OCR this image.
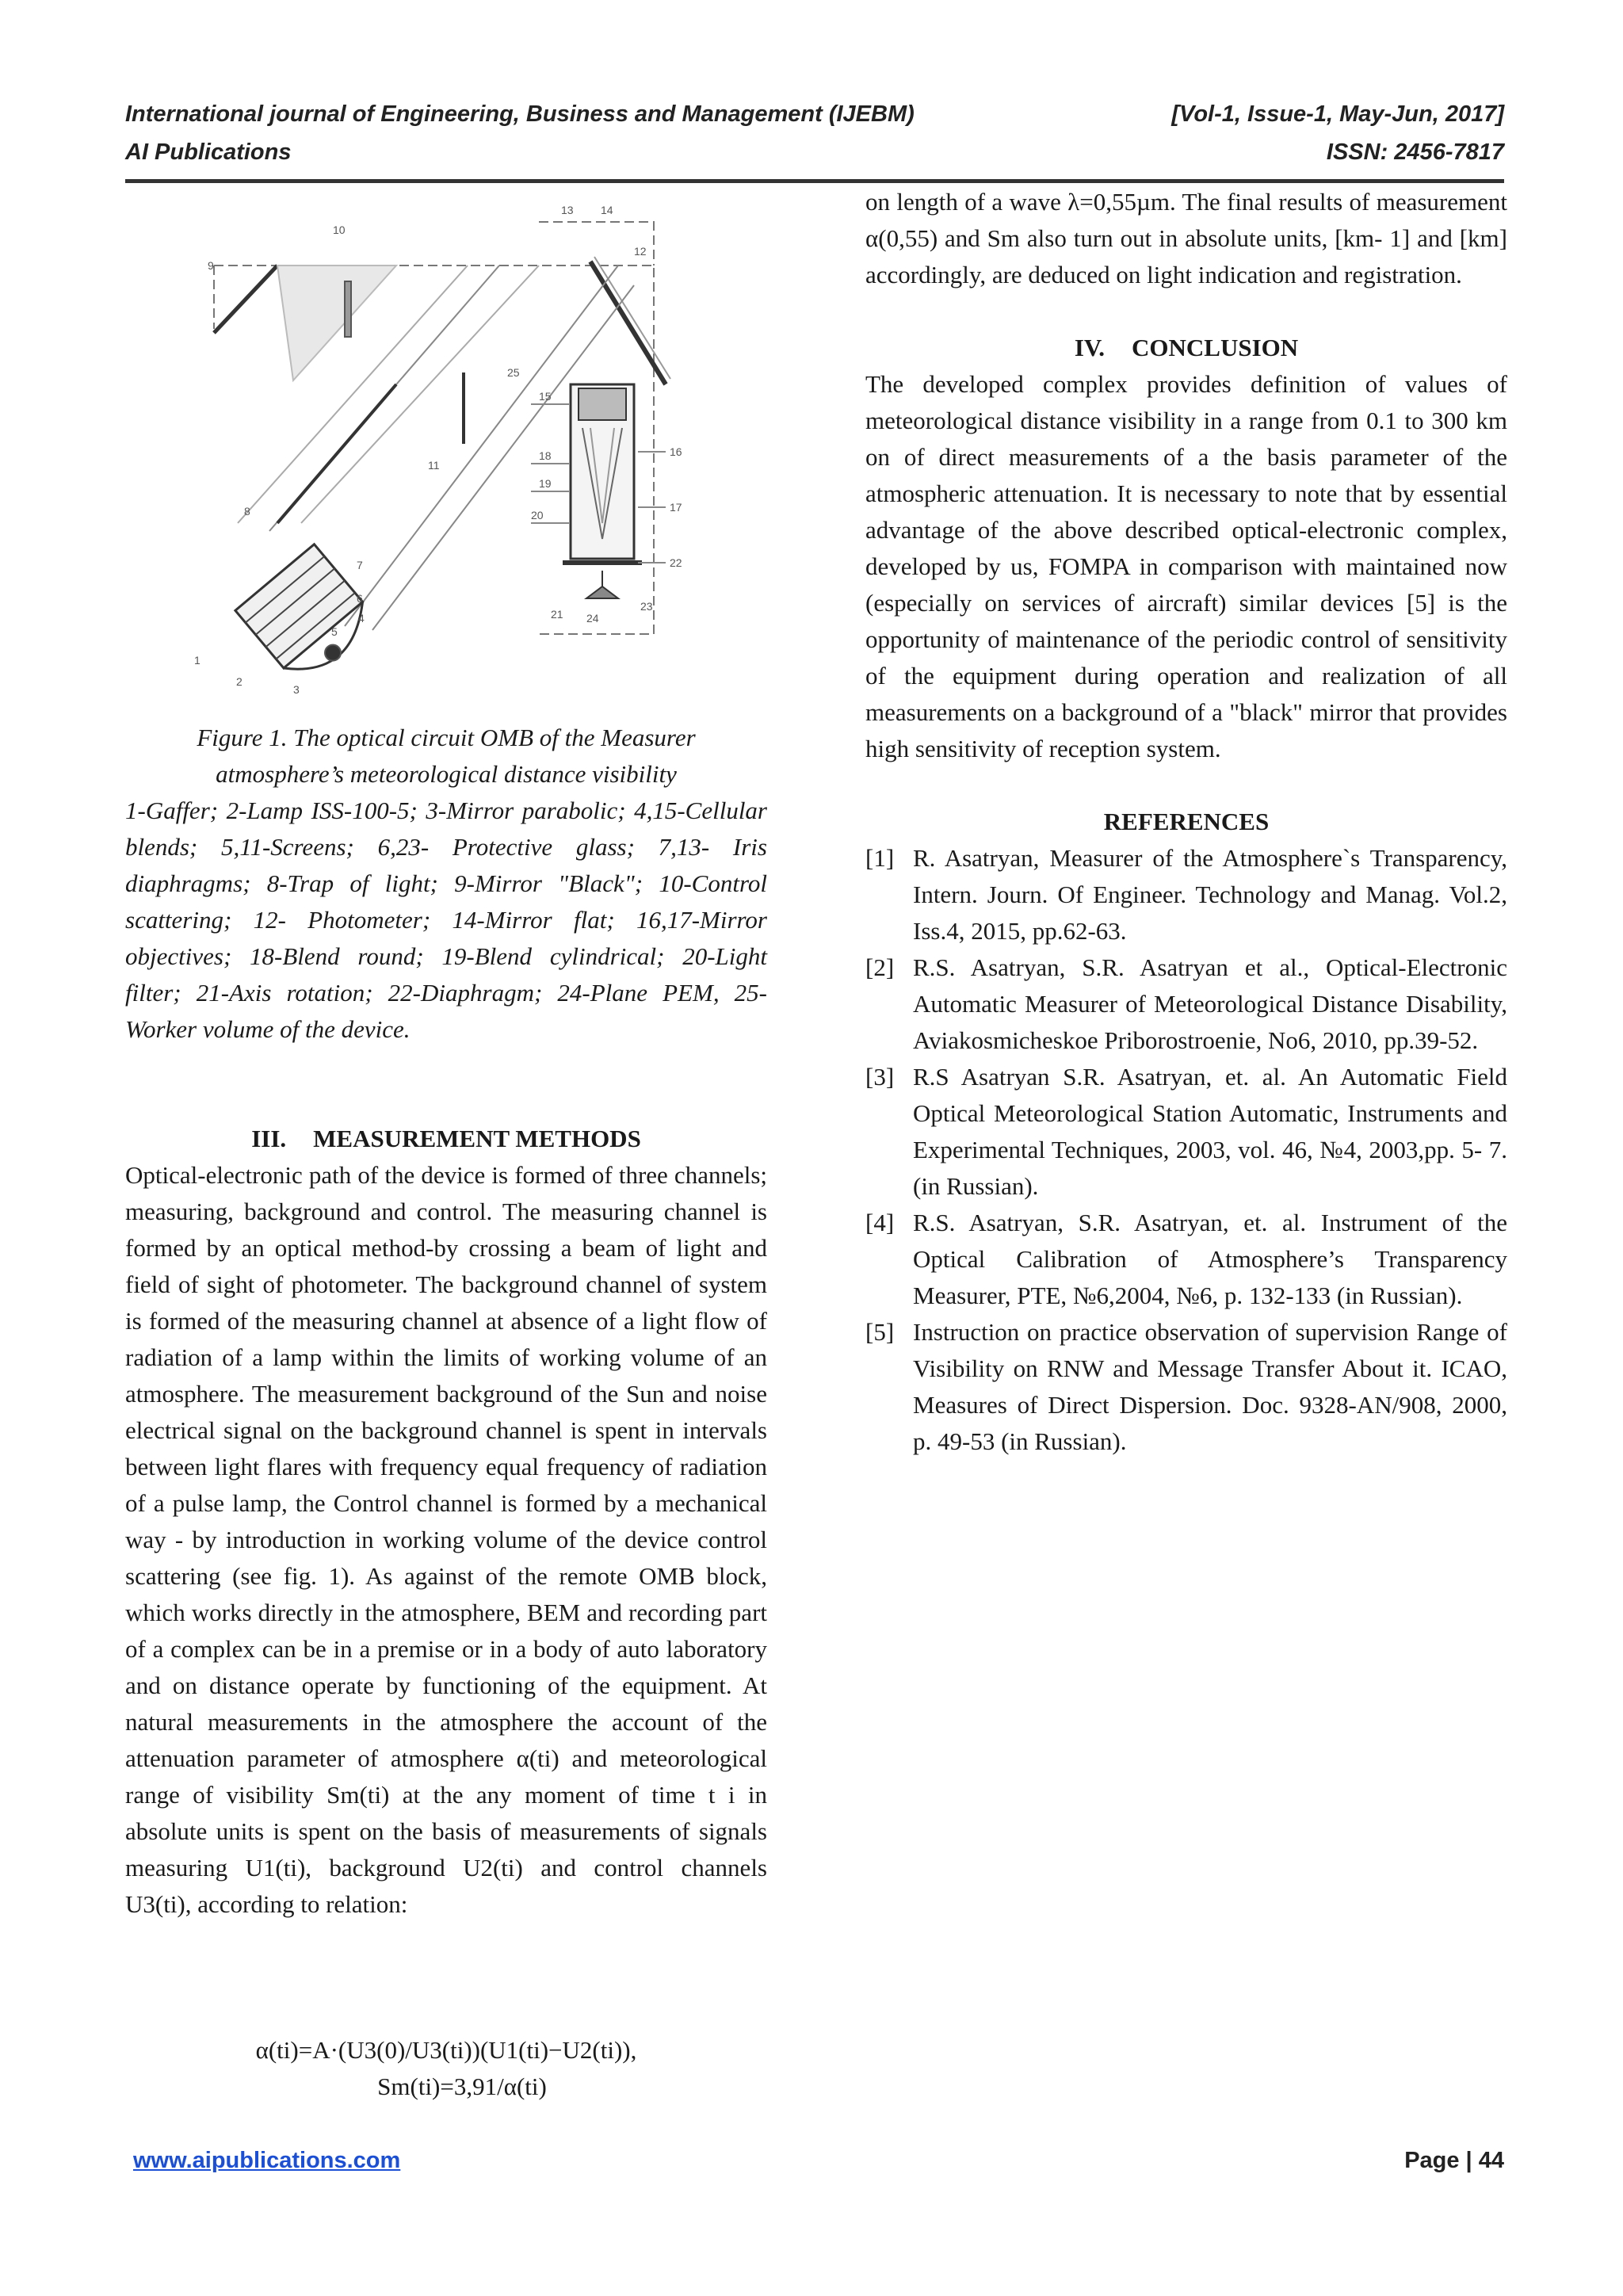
International journal of Engineering, Business and Management (IJEBM)	[Vol-1, Issue-1, May-Jun, 2017]
AI Publications	ISSN: 2456-7817
1
2
3
4
5
6
7
8
9
10
11
12
13 14
15
16
17
18
19
20
21
22
23
24
25

Figure 1. The optical circuit OMB of the Measurer

atmosphere’s meteorological distance visibility

1-Gaffer; 2-Lamp ISS-100-5; 3-Mirror parabolic; 4,15-Cellular blends; 5,11-Screens; 6,23- Protective glass; 7,13- Iris diaphragms; 8-Trap of light; 9-Mirror "Black"; 10-Control scattering; 12- Photometer; 14-Mirror flat; 16,17-Mirror objectives; 18-Blend round; 19-Blend cylindrical; 20-Light filter; 21-Axis rotation; 22-Diaphragm; 24-Plane PEM, 25-Worker volume of the device.

III. MEASUREMENT METHODS

Optical-electronic path of the device is formed of three channels; measuring, background and control. The measuring channel is formed by an optical method-by crossing a beam of light and field of sight of photometer. The background channel of system is formed of the measuring channel at absence of a light flow of radiation of a lamp within the limits of working volume of an atmosphere. The measurement background of the Sun and noise electrical signal on the background channel is spent in intervals between light flares with frequency equal frequency of radiation of a pulse lamp, the Control channel is formed by a mechanical way - by introduction in working volume of the device control scattering (see fig. 1). As against of the remote OMB block, which works directly in the atmosphere, BEM and recording part of a complex can be in a premise or in a body of auto laboratory and on distance operate by functioning of the equipment. At natural measurements in the atmosphere the account of the attenuation parameter of atmosphere α(ti) and meteorological range of visibility Sm(ti) at the any moment of time t i in absolute units is spent on the basis of measurements of signals measuring U1(ti), background U2(ti) and control channels U3(ti), according to relation:

α(ti)=A·(U3(0)/U3(ti))(U1(ti)−U2(ti)),
Sm(ti)=3,91/α(ti)

on length of a wave λ=0,55µm. The final results of measurement α(0,55) and Sm also turn out in absolute units, [km- 1] and [km] accordingly, are deduced on light indication and registration.

IV. CONCLUSION

The developed complex provides definition of values of meteorological distance visibility in a range from 0.1 to 300 km on of direct measurements of a the basis parameter of the atmospheric attenuation. It is necessary to note that by essential advantage of the above described optical-electronic complex, developed by us, FOMPA in comparison with maintained now (especially on services of aircraft) similar devices [5] is the opportunity of maintenance of the periodic control of sensitivity of the equipment during operation and realization of all measurements on a background of a "black" mirror that provides high sensitivity of reception system.

REFERENCES

[1] R. Asatryan, Measurer of the Atmosphere`s Transparency, Intern. Journ. Of Engineer. Technology and Manag. Vol.2, Iss.4, 2015, pp.62-63.
[2] R.S. Asatryan, S.R. Asatryan et al., Optical-Electronic Automatic Measurer of Meteorological Distance Disability, Aviakosmicheskoe Priborostroenie, No6, 2010, pp.39-52.
[3] R.S Asatryan S.R. Asatryan, et. al. An Automatic Field Optical Meteorological Station Automatic, Instruments and Experimental Techniques, 2003, vol. 46, №4, 2003,pp. 5- 7. (in Russian).
[4] R.S. Asatryan, S.R. Asatryan, et. al. Instrument of the Optical Calibration of Atmosphere’s Transparency Measurer, PTE, №6,2004, №6, p. 132-133 (in Russian).
[5] Instruction on practice observation of supervision Range of Visibility on RNW and Message Transfer About it. ICAO, Measures of Direct Dispersion. Doc. 9328-AN/908, 2000, p. 49-53 (in Russian).
www.aipublications.com	Page | 44
